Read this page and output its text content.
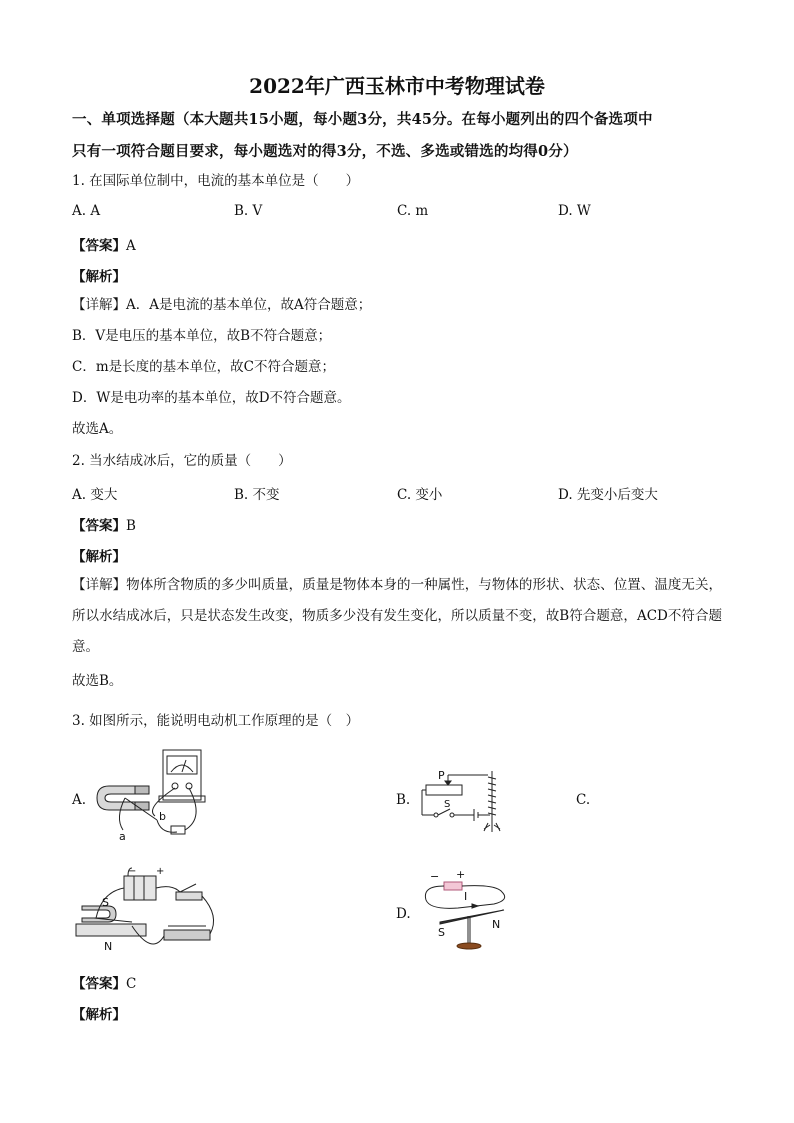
2022年广西玉林市中考物理试卷
一、单项选择题（本大题共15小题，每小题3分，共45分。在每小题列出的四个备选项中
只有一项符合题目要求，每小题选对的得3分，不选、多选或错选的均得0分）
1. 在国际单位制中，电流的基本单位是（　　）
A. A	B. V	C. m	D. W
【答案】A
【解析】
【详解】A．A是电流的基本单位，故A符合题意；
B．V是电压的基本单位，故B不符合题意；
C．m是长度的基本单位，故C不符合题意；
D．W是电功率的基本单位，故D不符合题意。
故选A。
2. 当水结成冰后，它的质量（　　）
A. 变大	B. 不变	C. 变小	D. 先变小后变大
【答案】B
【解析】
【详解】物体所含物质的多少叫质量，质量是物体本身的一种属性，与物体的形状、状态、位置、温度无关，所以水结成冰后，只是状态发生改变，物质多少没有发生变化，所以质量不变，故B符合题意，ACD不符合题意。
故选B。
3. 如图所示，能说明电动机工作原理的是（　）
A.	B.	C.
D.
b
a
P
S
S
N
− +	− +
I
S
N
【答案】C
【解析】
